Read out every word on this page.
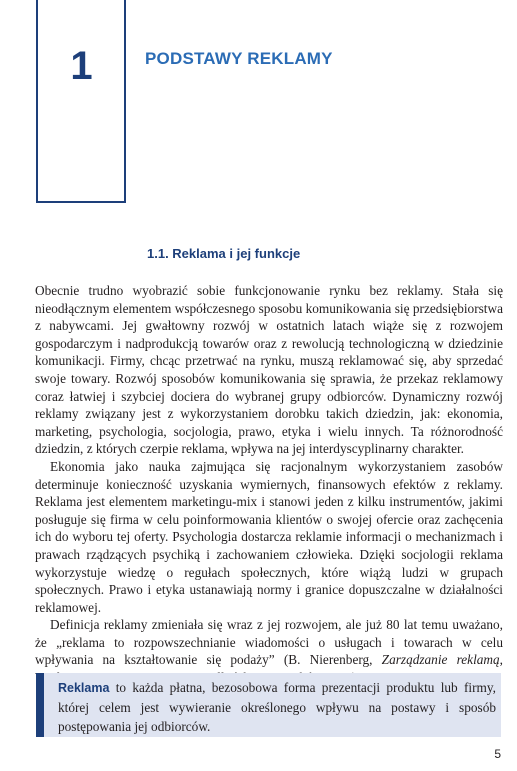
1	PODSTAWY REKLAMY
1.1. Reklama i jej funkcje

Obecnie trudno wyobrazić sobie funkcjonowanie rynku bez reklamy. Stała się nieodłącznym elementem współczesnego sposobu komunikowania się przedsiębiorstwa z nabywcami. Jej gwałtowny rozwój w ostatnich latach wiąże się z rozwojem gospodarczym i nadprodukcją towarów oraz z rewolucją technologiczną w dziedzinie komunikacji. Firmy, chcąc przetrwać na rynku, muszą reklamować się, aby sprzedać swoje towary. Rozwój sposobów komunikowania się sprawia, że przekaz reklamowy coraz łatwiej i szybciej dociera do wybranej grupy odbiorców. Dynamiczny rozwój reklamy związany jest z wykorzystaniem dorobku takich dziedzin, jak: ekonomia, marketing, psychologia, socjologia, prawo, etyka i wielu innych. Ta różnorodność dziedzin, z których czerpie reklama, wpływa na jej interdyscyplinarny charakter.

Ekonomia jako nauka zajmująca się racjonalnym wykorzystaniem zasobów determinuje konieczność uzyskania wymiernych, finansowych efektów z reklamy. Reklama jest elementem marketingu-mix i stanowi jeden z kilku instrumentów, jakimi posługuje się firma w celu poinformowania klientów o swojej ofercie oraz zachęcenia ich do wyboru tej oferty. Psychologia dostarcza reklamie informacji o mechanizmach i prawach rządzących psychiką i zachowaniem człowieka. Dzięki socjologii reklama wykorzystuje wiedzę o regułach społecznych, które wiążą ludzi w grupach społecznych. Prawo i etyka ustanawiają normy i granice dopuszczalne w działalności reklamowej.

Definicja reklamy zmieniała się wraz z jej rozwojem, ale już 80 lat temu uważano, że „reklama to rozpowszechnianie wiadomości o usługach i towarach w celu wpływania na kształtowanie się podaży” (B. Nierenberg, Zarządzanie reklamą,

Reklama to każda płatna, bezosobowa forma prezentacji produktu lub firmy, której celem jest wywieranie określonego wpływu na postawy i sposób postępowania jej odbiorców.

5
